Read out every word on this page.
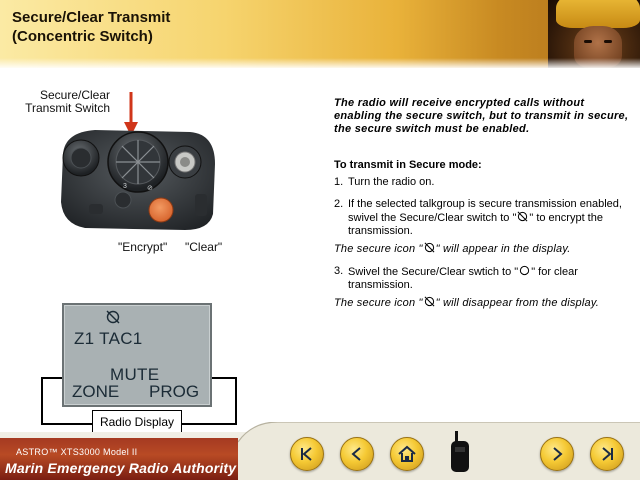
Secure/Clear Transmit
(Concentric Switch)
Secure/Clear
Transmit Switch
3	⊘
"Encrypt" "Clear"
Z1 TAC1
MUTE
ZONE PROG
Radio Display
The radio will receive encrypted calls without enabling the secure switch, but to transmit in secure, the secure switch must be enabled.
To transmit in Secure mode:
1. Turn the radio on.
2. If the selected talkgroup is secure transmission enabled, swivel the Secure/Clear switch to " " to encrypt the transmission.
The secure icon " " will appear in the display.
3. Swivel the Secure/Clear swtich to " " for clear transmission.
The secure icon " " will disappear from the display.
ASTRO™ XTS3000 Model II
Marin Emergency Radio Authority
